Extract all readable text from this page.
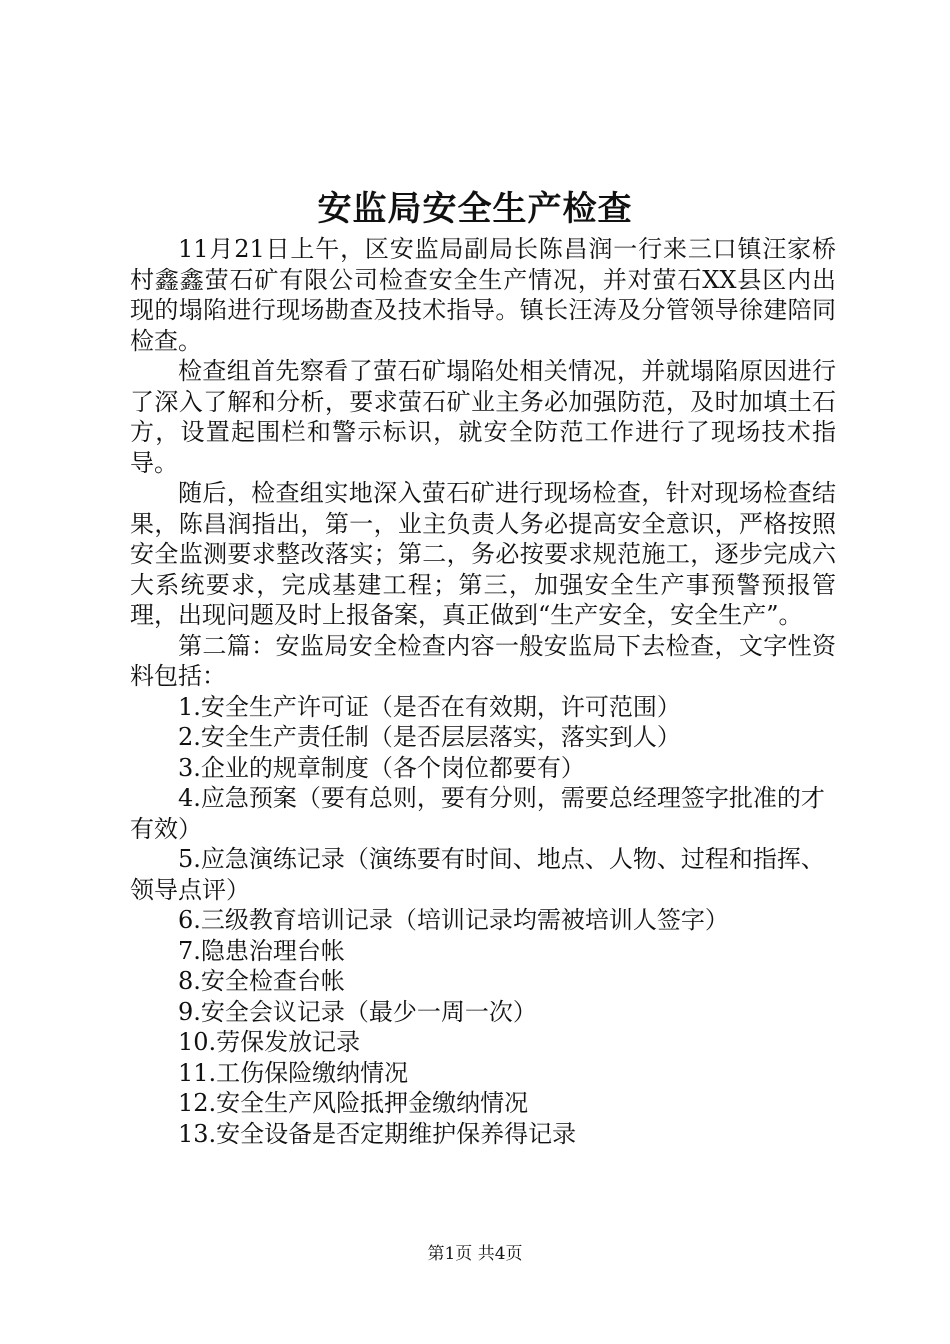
安监局安全生产检查

11月21日上午，区安监局副局长陈昌润一行来三口镇汪家桥村鑫鑫萤石矿有限公司检查安全生产情况，并对萤石XX县区内出现的塌陷进行现场勘查及技术指导。镇长汪涛及分管领导徐建陪同检查。

检查组首先察看了萤石矿塌陷处相关情况，并就塌陷原因进行了深入了解和分析，要求萤石矿业主务必加强防范，及时加填土石方，设置起围栏和警示标识，就安全防范工作进行了现场技术指导。

随后，检查组实地深入萤石矿进行现场检查，针对现场检查结果，陈昌润指出，第一，业主负责人务必提高安全意识，严格按照安全监测要求整改落实；第二，务必按要求规范施工，逐步完成六大系统要求，完成基建工程；第三，加强安全生产事预警预报管理，出现问题及时上报备案，真正做到“生产安全，安全生产”。

第二篇：安监局安全检查内容一般安监局下去检查，文字性资料包括：

1.安全生产许可证（是否在有效期，许可范围）

2.安全生产责任制（是否层层落实，落实到人）

3.企业的规章制度（各个岗位都要有）

4.应急预案（要有总则，要有分则，需要总经理签字批准的才有效）

5.应急演练记录（演练要有时间、地点、人物、过程和指挥、领导点评）

6.三级教育培训记录（培训记录均需被培训人签字）

7.隐患治理台帐

8.安全检查台帐

9.安全会议记录（最少一周一次）

10.劳保发放记录

11.工伤保险缴纳情况

12.安全生产风险抵押金缴纳情况

13.安全设备是否定期维护保养得记录

第1页 共4页
